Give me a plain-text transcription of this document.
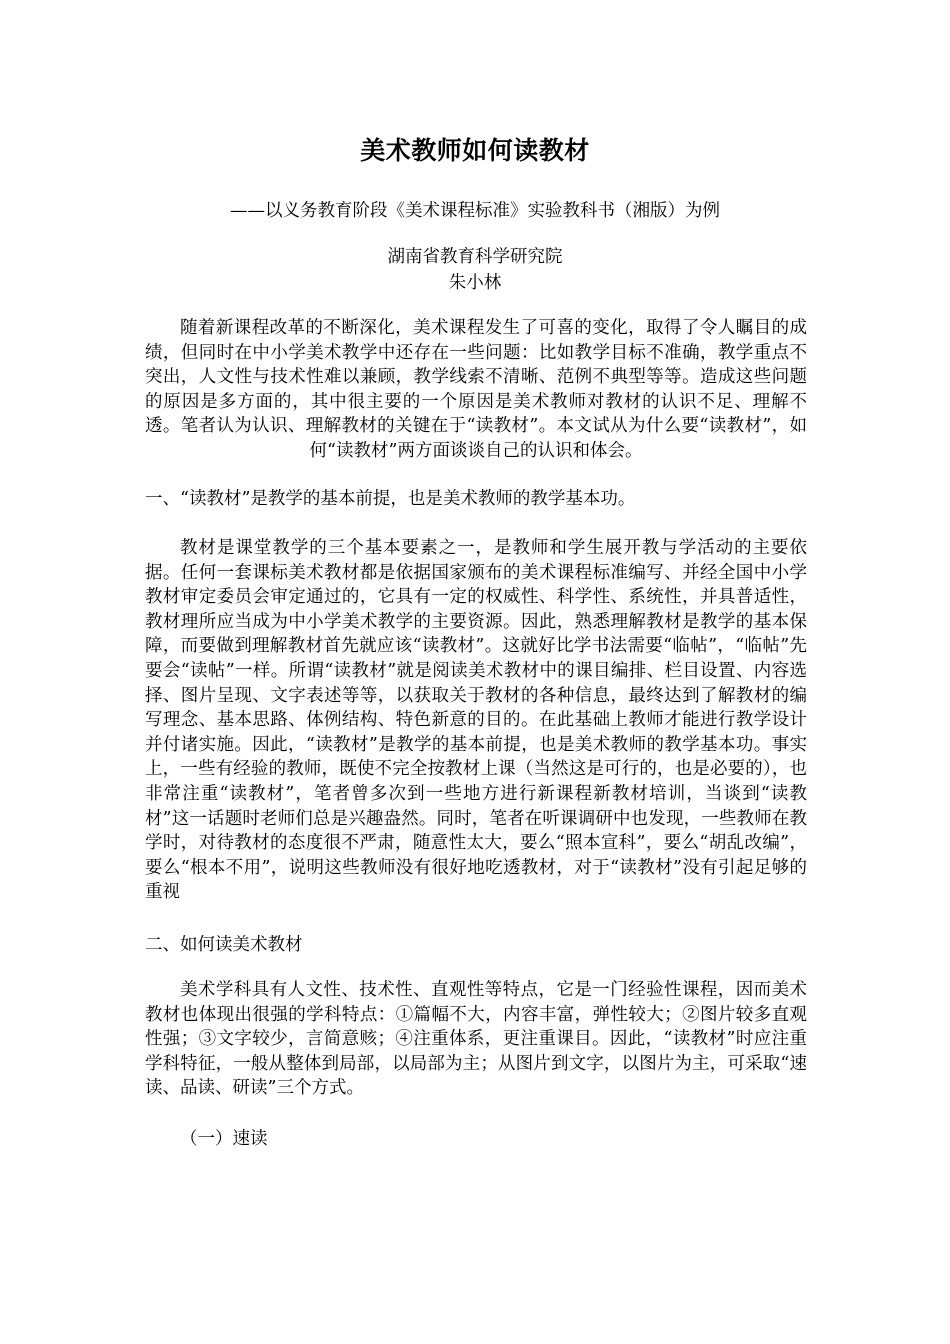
美术教师如何读教材
——以义务教育阶段《美术课程标准》实验教科书（湘版）为例
湖南省教育科学研究院
朱小林

随着新课程改革的不断深化，美术课程发生了可喜的变化，取得了令人瞩目的成绩，但同时在中小学美术教学中还存在一些问题：比如教学目标不准确，教学重点不突出，人文性与技术性难以兼顾，教学线索不清晰、范例不典型等等。造成这些问题的原因是多方面的，其中很主要的一个原因是美术教师对教材的认识不足、理解不透。笔者认为认识、理解教材的关键在于“读教材”。本文试从为什么要“读教材”，如何“读教材”两方面谈谈自己的认识和体会。

一、“读教材”是教学的基本前提，也是美术教师的教学基本功。

教材是课堂教学的三个基本要素之一，是教师和学生展开教与学活动的主要依据。任何一套课标美术教材都是依据国家颁布的美术课程标准编写、并经全国中小学教材审定委员会审定通过的，它具有一定的权威性、科学性、系统性，并具普适性，教材理所应当成为中小学美术教学的主要资源。因此，熟悉理解教材是教学的基本保障，而要做到理解教材首先就应该“读教材”。这就好比学书法需要“临帖”，“临帖”先要会“读帖”一样。所谓“读教材”就是阅读美术教材中的课目编排、栏目设置、内容选择、图片呈现、文字表述等等，以获取关于教材的各种信息，最终达到了解教材的编写理念、基本思路、体例结构、特色新意的目的。在此基础上教师才能进行教学设计并付诸实施。因此，“读教材”是教学的基本前提，也是美术教师的教学基本功。事实上，一些有经验的教师，既使不完全按教材上课（当然这是可行的，也是必要的），也非常注重“读教材”，笔者曾多次到一些地方进行新课程新教材培训，当谈到“读教材”这一话题时老师们总是兴趣盎然。同时，笔者在听课调研中也发现，一些教师在教学时，对待教材的态度很不严肃，随意性太大，要么“照本宣科”，要么“胡乱改编”，要么“根本不用”，说明这些教师没有很好地吃透教材，对于“读教材”没有引起足够的重视

二、如何读美术教材

美术学科具有人文性、技术性、直观性等特点，它是一门经验性课程，因而美术教材也体现出很强的学科特点：①篇幅不大，内容丰富，弹性较大；②图片较多直观性强；③文字较少，言简意赅；④注重体系，更注重课目。因此，“读教材”时应注重学科特征，一般从整体到局部，以局部为主；从图片到文字，以图片为主，可采取“速读、品读、研读”三个方式。

（一）速读
